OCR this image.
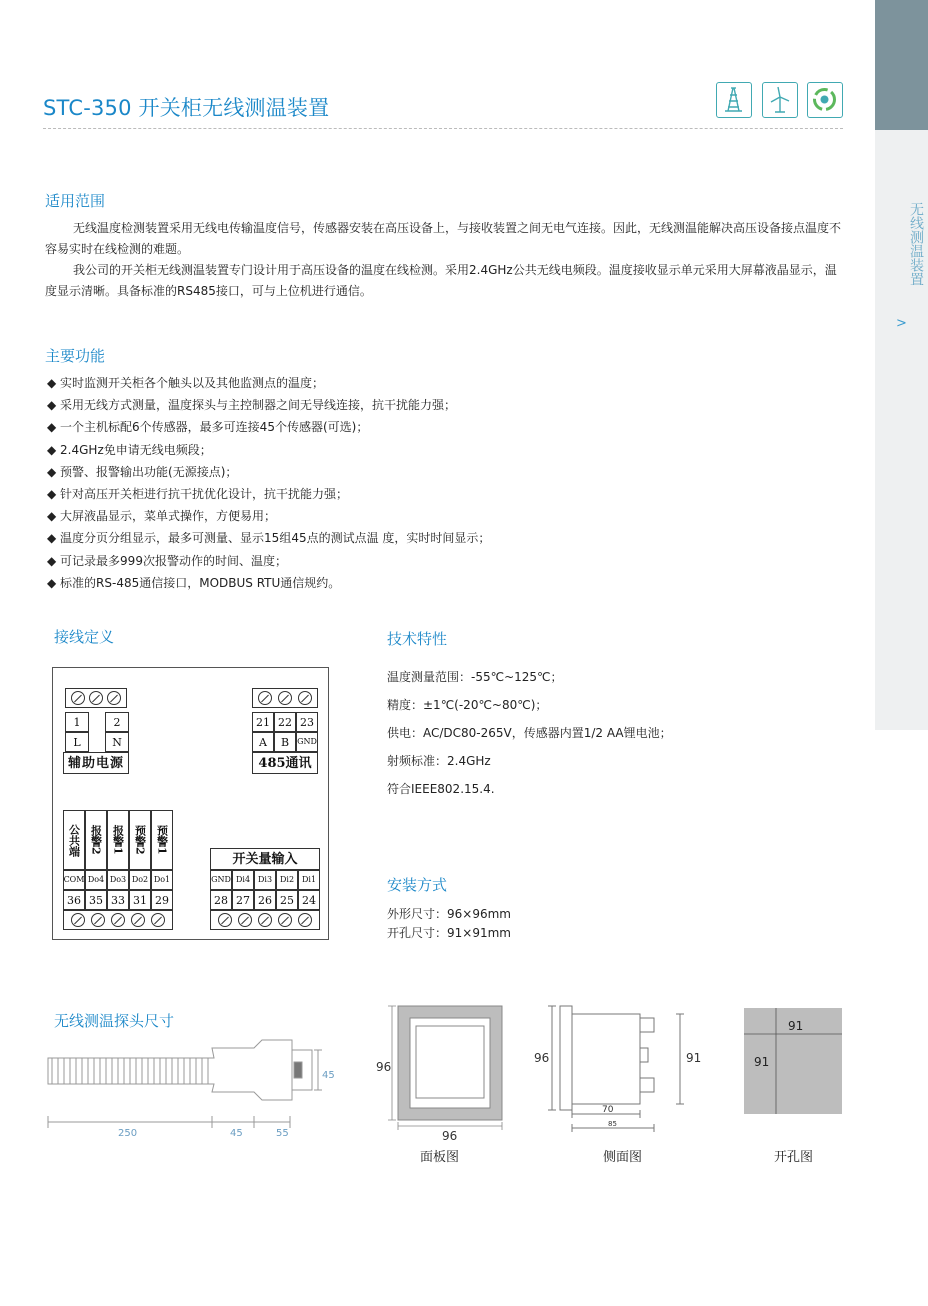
无线测温装置
>
STC-350 开关柜无线测温装置
适用范围
无线温度检测装置采用无线电传输温度信号，传感器安装在高压设备上，与接收装置之间无电气连接。因此，无线测温能解决高压设备接点温度不容易实时在线检测的难题。
我公司的开关柜无线测温装置专门设计用于高压设备的温度在线检测。采用2.4GHz公共无线电频段。温度接收显示单元采用大屏幕液晶显示，温度显示清晰。具备标准的RS485接口，可与上位机进行通信。
主要功能
◆ 实时监测开关柜各个触头以及其他监测点的温度；
◆ 采用无线方式测量，温度探头与主控制器之间无导线连接，抗干扰能力强；
◆ 一个主机标配6个传感器，最多可连接45个传感器(可选)；
◆ 2.4GHz免申请无线电频段；
◆ 预警、报警输出功能(无源接点)；
◆ 针对高压开关柜进行抗干扰优化设计，抗干扰能力强；
◆ 大屏液晶显示，菜单式操作，方便易用；
◆ 温度分页分组显示，最多可测量、显示15组45点的测试点温 度，实时时间显示；
◆ 可记录最多999次报警动作的时间、温度；
◆ 标准的RS-485通信接口，MODBUS RTU通信规约。
接线定义
1	2
L	N
辅助电源
21 22 23
A	B	GND
485通讯
公共端 报警2 报警1 预警2 预警1
COM Do4 Do3 Do2 Do1
36 35 33 31 29
开关量输入
GND Di4 Di3 Di2 Di1
28 27 26 25 24
技术特性
温度测量范围：-55℃~125℃；
精度：±1℃(-20℃~80℃)；
供电：AC/DC80-265V，传感器内置1/2 AA锂电池；
射频标准：2.4GHz
符合IEEE802.15.4.
安装方式
外形尺寸：96×96mm
开孔尺寸：91×91mm
无线测温探头尺寸
45
250	45	55
96
96
面板图
96	91
70
85
侧面图
91
91
开孔图
